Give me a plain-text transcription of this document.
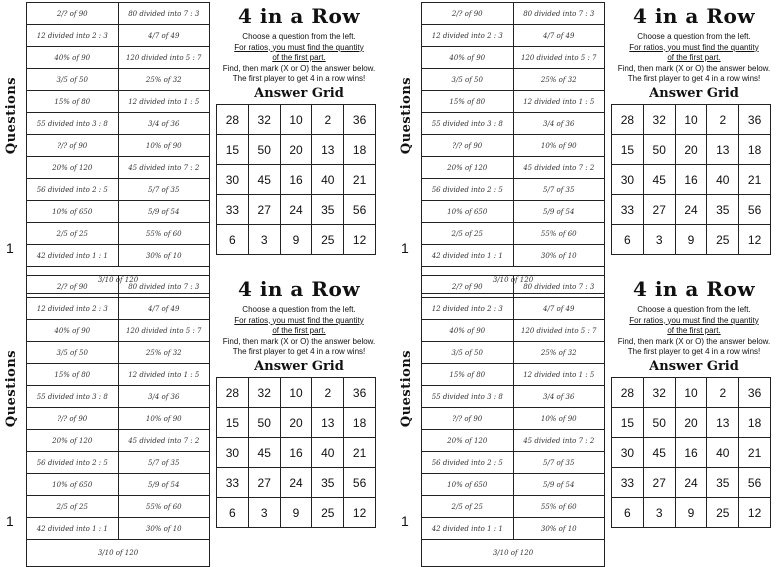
Questions
1
2/? of 90	80 divided into 7 : 3
12 divided into 2 : 3	4/7 of 49
40% of 90	120 divided into 5 : 7
3/5 of 50	25% of 32
15% of 80	12 divided into 1 : 5
55 divided into 3 : 8	3/4 of 36
?/? of 90	10% of 90
20% of 120	45 divided into 7 : 2
56 divided into 2 : 5	5/7 of 35
10% of 650	5/9 of 54
2/5 of 25	55% of 60
42 divided into 1 : 1	30% of 10
3/10 of 120	
4 in a Row
Choose a question from the left.
For ratios, you must find the quantity
of the first part.
Find, then mark (X or O) the answer below.
The first player to get 4 in a row wins!
Answer Grid
28	32	10	2	36
15	50	20	13	18
30	45	16	40	21
33	27	24	35	56
6	3	9	25	12
Questions
1
2/? of 90	80 divided into 7 : 3
12 divided into 2 : 3	4/7 of 49
40% of 90	120 divided into 5 : 7
3/5 of 50	25% of 32
15% of 80	12 divided into 1 : 5
55 divided into 3 : 8	3/4 of 36
?/? of 90	10% of 90
20% of 120	45 divided into 7 : 2
56 divided into 2 : 5	5/7 of 35
10% of 650	5/9 of 54
2/5 of 25	55% of 60
42 divided into 1 : 1	30% of 10
3/10 of 120	
4 in a Row
Choose a question from the left.
For ratios, you must find the quantity
of the first part.
Find, then mark (X or O) the answer below.
The first player to get 4 in a row wins!
Answer Grid
28	32	10	2	36
15	50	20	13	18
30	45	16	40	21
33	27	24	35	56
6	3	9	25	12
Questions
1
2/? of 90	80 divided into 7 : 3
12 divided into 2 : 3	4/7 of 49
40% of 90	120 divided into 5 : 7
3/5 of 50	25% of 32
15% of 80	12 divided into 1 : 5
55 divided into 3 : 8	3/4 of 36
?/? of 90	10% of 90
20% of 120	45 divided into 7 : 2
56 divided into 2 : 5	5/7 of 35
10% of 650	5/9 of 54
2/5 of 25	55% of 60
42 divided into 1 : 1	30% of 10
3/10 of 120	
4 in a Row
Choose a question from the left.
For ratios, you must find the quantity
of the first part.
Find, then mark (X or O) the answer below.
The first player to get 4 in a row wins!
Answer Grid
28	32	10	2	36
15	50	20	13	18
30	45	16	40	21
33	27	24	35	56
6	3	9	25	12
Questions
1
2/? of 90	80 divided into 7 : 3
12 divided into 2 : 3	4/7 of 49
40% of 90	120 divided into 5 : 7
3/5 of 50	25% of 32
15% of 80	12 divided into 1 : 5
55 divided into 3 : 8	3/4 of 36
?/? of 90	10% of 90
20% of 120	45 divided into 7 : 2
56 divided into 2 : 5	5/7 of 35
10% of 650	5/9 of 54
2/5 of 25	55% of 60
42 divided into 1 : 1	30% of 10
3/10 of 120	
4 in a Row
Choose a question from the left.
For ratios, you must find the quantity
of the first part.
Find, then mark (X or O) the answer below.
The first player to get 4 in a row wins!
Answer Grid
28	32	10	2	36
15	50	20	13	18
30	45	16	40	21
33	27	24	35	56
6	3	9	25	12
